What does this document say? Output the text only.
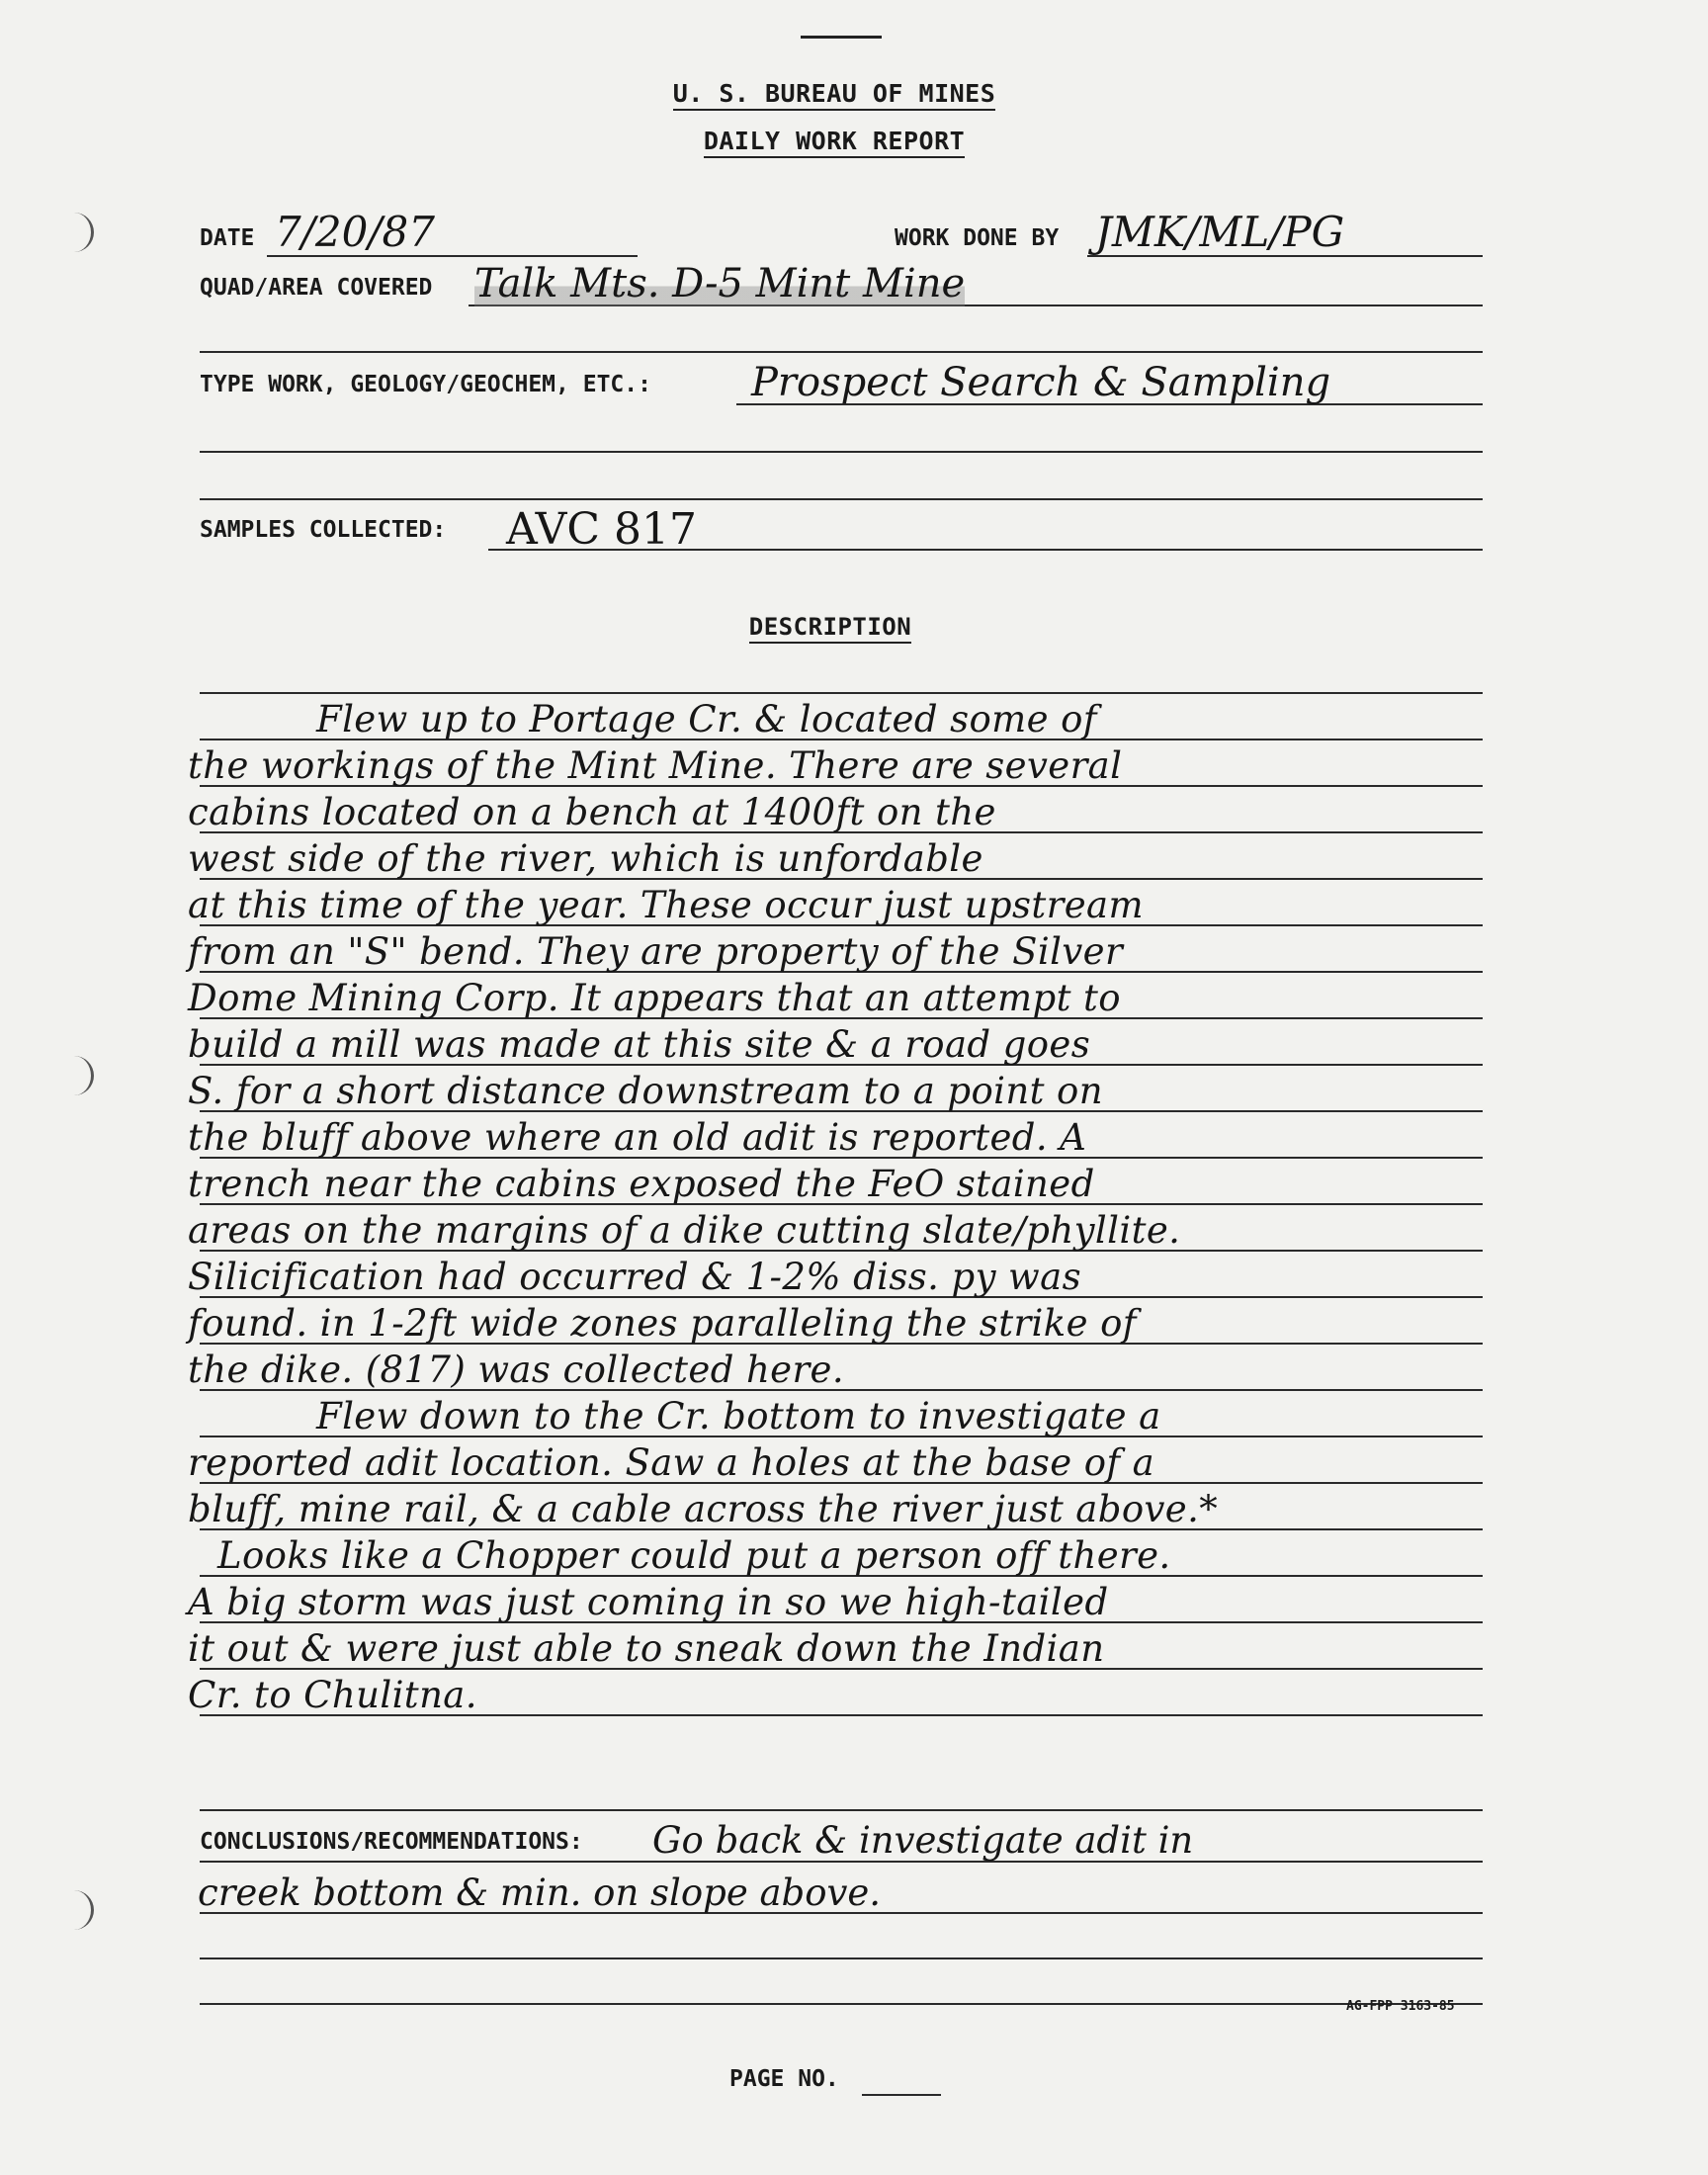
U. S. BUREAU OF MINES
DAILY WORK REPORT
DATE 7/20/87	WORK DONE BY JMK/ML/PG
QUAD/AREA COVERED Talk Mts. D-5 Mint Mine
TYPE WORK, GEOLOGY/GEOCHEM, ETC.:	Prospect Search & Sampling
SAMPLES COLLECTED: AVC 817
DESCRIPTION
Flew up to Portage Cr. & located some of
the workings of the Mint Mine. There are several
cabins located on a bench at 1400ft on the
west side of the river, which is unfordable
at this time of the year. These occur just upstream
from an "S" bend. They are property of the Silver
Dome Mining Corp. It appears that an attempt to
build a mill was made at this site & a road goes
S. for a short distance downstream to a point on
the bluff above where an old adit is reported. A
trench near the cabins exposed the FeO stained
areas on the margins of a dike cutting slate/phyllite.
Silicification had occurred & 1-2% diss. py was
found. in 1-2ft wide zones paralleling the strike of
the dike. (817) was collected here.
Flew down to the Cr. bottom to investigate a
reported adit location. Saw a holes at the base of a
bluff, mine rail, & a cable across the river just above.*
Looks like a Chopper could put a person off there.
A big storm was just coming in so we high-tailed
it out & were just able to sneak down the Indian
Cr. to Chulitna.
CONCLUSIONS/RECOMMENDATIONS: Go back & investigate adit in
creek bottom & min. on slope above.
AG-FPP 3163-85
PAGE NO.
